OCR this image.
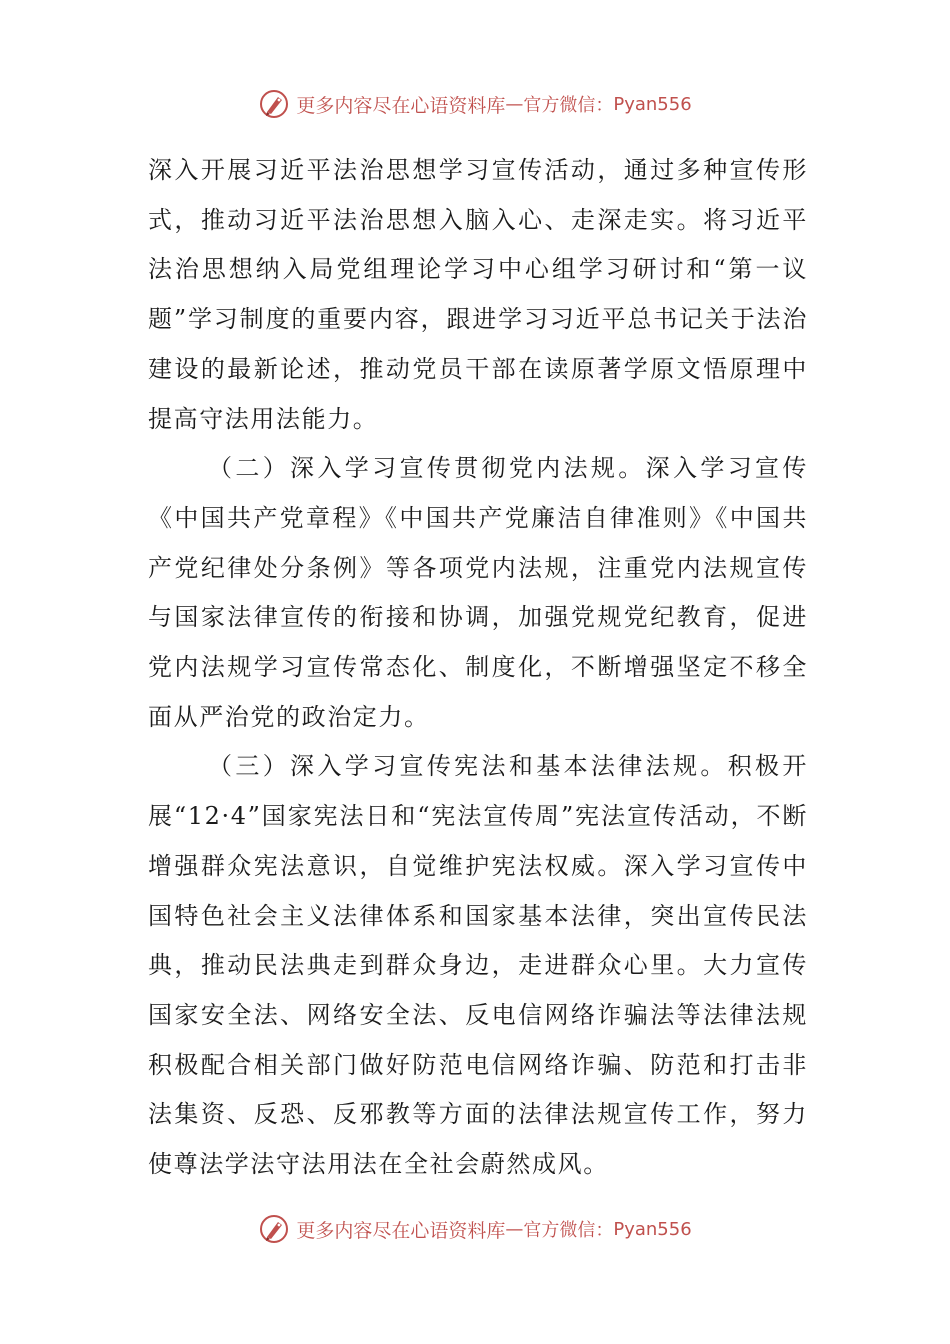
更多内容尽在心语资料库 — 官方微信： Pyan556

深入开展习近平法治思想学习宣传活动，通过多种宣传形式，推动习近平法治思想入脑入心、走深走实。将习近平法治思想纳入局党组理论学习中心组学习研讨和“第一议题”学习制度的重要内容，跟进学习习近平总书记关于法治建设的最新论述，推动党员干部在读原著学原文悟原理中提高守法用法能力。

（二）深入学习宣传贯彻党内法规。深入学习宣传《中国共产党章程》《中国共产党廉洁自律准则》《中国共产党纪律处分条例》等各项党内法规，注重党内法规宣传与国家法律宣传的衔接和协调，加强党规党纪教育，促进党内法规学习宣传常态化、制度化，不断增强坚定不移全面从严治党的政治定力。

（三）深入学习宣传宪法和基本法律法规。积极开展“12·4”国家宪法日和“宪法宣传周”宪法宣传活动，不断增强群众宪法意识，自觉维护宪法权威。深入学习宣传中国特色社会主义法律体系和国家基本法律，突出宣传民法典，推动民法典走到群众身边，走进群众心里。大力宣传国家安全法、网络安全法、反电信网络诈骗法等法律法规积极配合相关部门做好防范电信网络诈骗、防范和打击非法集资、反恐、反邪教等方面的法律法规宣传工作，努力使尊法学法守法用法在全社会蔚然成风。

更多内容尽在心语资料库 — 官方微信： Pyan556
